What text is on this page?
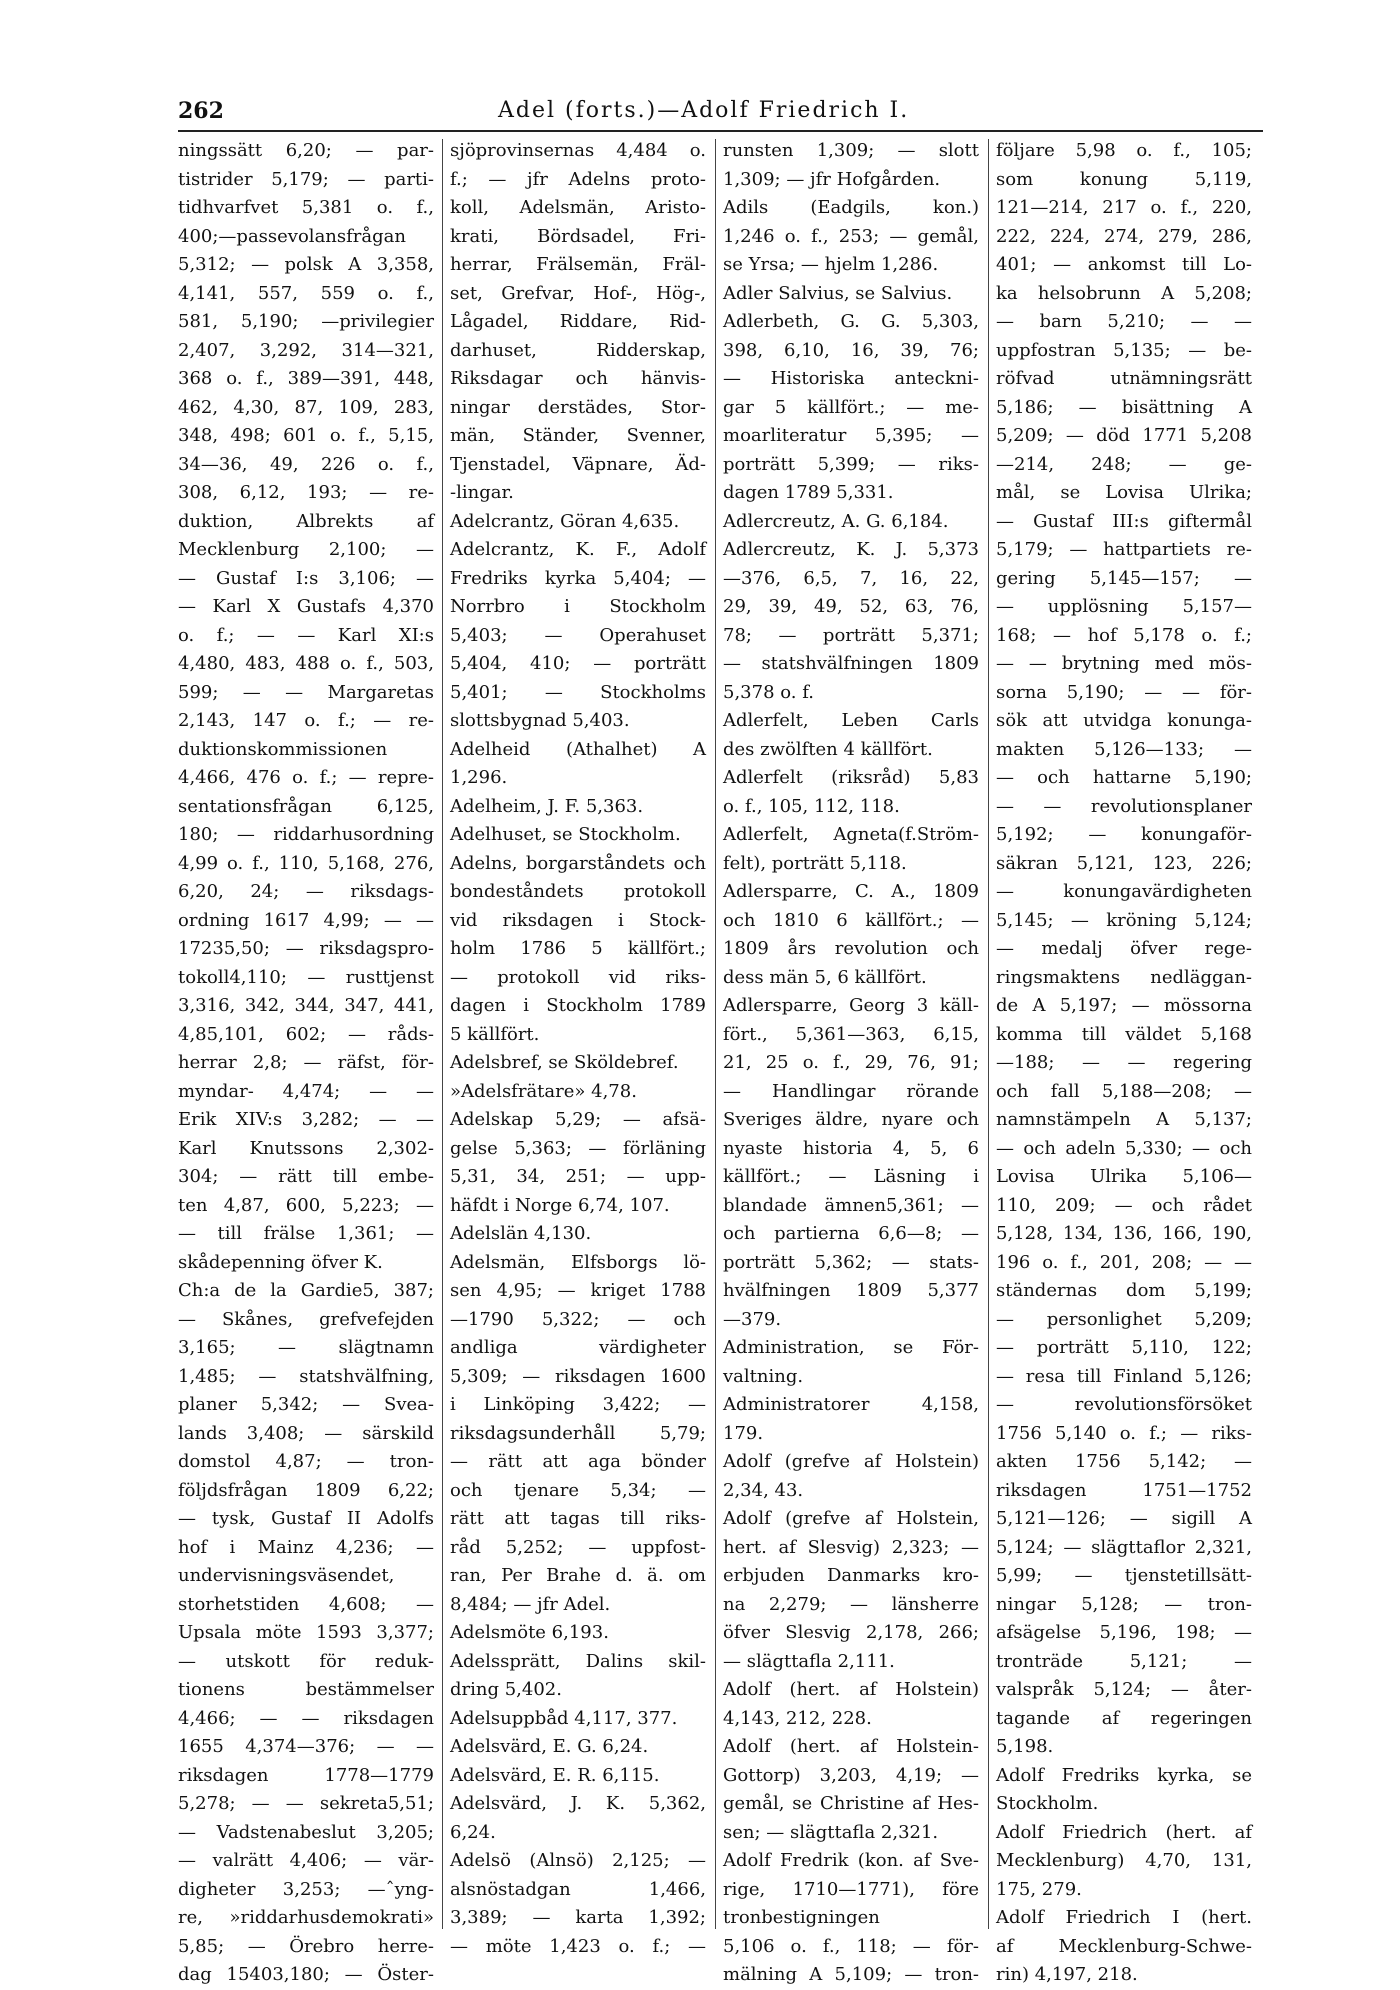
262	Adel (forts.)—Adolf Friedrich I.
ningssätt 6,20; — par-
tistrider 5,179; — parti-
tidhvarfvet 5,381 o. f.,
400;—passevolansfrågan
5,312; — polsk A 3,358,
4,141, 557, 559 o. f.,
581, 5,190; —privilegier
2,407, 3,292, 314—321,
368 o. f., 389—391, 448,
462, 4,30, 87, 109, 283,
348, 498; 601 o. f., 5,15,
34—36, 49, 226 o. f.,
308, 6,12, 193; — re-
duktion, Albrekts af
Mecklenburg 2,100; —
— Gustaf I:s 3,106; —
— Karl X Gustafs 4,370
o. f.; — — Karl XI:s
4,480, 483, 488 o. f., 503,
599; — — Margaretas
2,143, 147 o. f.; — re-
duktionskommissionen
4,466, 476 o. f.; — repre-
sentationsfrågan 6,125,
180; — riddarhusordning
4,99 o. f., 110, 5,168, 276,
6,20, 24; — riksdags-
ordning 1617 4,99; — —
17235,50; — riksdagspro-
tokoll4,110; — rusttjenst
3,316, 342, 344, 347, 441,
4,85,101, 602; — råds-
herrar 2,8; — räfst, för-
myndar- 4,474; — —
Erik XIV:s 3,282; — —
Karl Knutssons 2,302-
304; — rätt till embe-
ten 4,87, 600, 5,223; —
— till frälse 1,361; —
skådepenning öfver K.
Ch:a de la Gardie5, 387;
— Skånes, grefvefejden
3,165; — slägtnamn
1,485; — statshvälfning,
planer 5,342; — Svea-
lands 3,408; — särskild
domstol 4,87; — tron-
följdsfrågan 1809 6,22;
— tysk, Gustaf II Adolfs
hof i Mainz 4,236; —
undervisningsväsendet,
storhetstiden 4,608; —
Upsala möte 1593 3,377;
— utskott för reduk-
tionens bestämmelser
4,466; — — riksdagen
1655 4,374—376; — —
riksdagen 1778—1779
5,278; — — sekreta5,51;
— Vadstenabeslut 3,205;
— valrätt 4,406; — vär-
digheter 3,253; —ˆyng-
re, »riddarhusdemokrati»
5,85; — Örebro herre-
dag 15403,180; — Öster-
sjöprovinsernas 4,484 o.
f.; — jfr Adelns proto-
koll, Adelsmän, Aristo-
krati, Bördsadel, Fri-
herrar, Frälsemän, Fräl-
set, Grefvar, Hof-, Hög-,
Lågadel, Riddare, Rid-
darhuset, Ridderskap,
Riksdagar och hänvis-
ningar derstädes, Stor-
män, Ständer, Svenner,
Tjenstadel, Väpnare, Äd-
-lingar.
Adelcrantz, Göran 4,635.
Adelcrantz, K. F., Adolf
Fredriks kyrka 5,404; —
Norrbro i Stockholm
5,403; — Operahuset
5,404, 410; — porträtt
5,401; — Stockholms
slottsbygnad 5,403.
Adelheid (Athalhet) A
1,296.
Adelheim, J. F. 5,363.
Adelhuset, se Stockholm.
Adelns, borgarståndets och
bondeståndets protokoll
vid riksdagen i Stock-
holm 1786 5 källfört.;
— protokoll vid riks-
dagen i Stockholm 1789
5 källfört.
Adelsbref, se Sköldebref.
»Adelsfrätare» 4,78.
Adelskap 5,29; — afsä-
gelse 5,363; — förläning
5,31, 34, 251; — upp-
häfdt i Norge 6,74, 107.
Adelslän 4,130.
Adelsmän, Elfsborgs lö-
sen 4,95; — kriget 1788
—1790 5,322; — och
andliga värdigheter
5,309; — riksdagen 1600
i Linköping 3,422; —
riksdagsunderhåll 5,79;
— rätt att aga bönder
och tjenare 5,34; —
rätt att tagas till riks-
råd 5,252; — uppfost-
ran, Per Brahe d. ä. om
8,484; — jfr Adel.
Adelsmöte 6,193.
Adelssprätt, Dalins skil-
dring 5,402.
Adelsuppbåd 4,117, 377.
Adelsvärd, E. G. 6,24.
Adelsvärd, E. R. 6,115.
Adelsvärd, J. K. 5,362,
6,24.
Adelsö (Alnsö) 2,125; —
alsnöstadgan 1,466,
3,389; — karta 1,392;
— möte 1,423 o. f.; —
runsten 1,309; — slott
1,309; — jfr Hofgården.
Adils (Eadgils, kon.)
1,246 o. f., 253; — gemål,
se Yrsa; — hjelm 1,286.
Adler Salvius, se Salvius.
Adlerbeth, G. G. 5,303,
398, 6,10, 16, 39, 76;
— Historiska anteckni-
gar 5 källfört.; — me-
moarliteratur 5,395; —
porträtt 5,399; — riks-
dagen 1789 5,331.
Adlercreutz, A. G. 6,184.
Adlercreutz, K. J. 5,373
—376, 6,5, 7, 16, 22,
29, 39, 49, 52, 63, 76,
78; — porträtt 5,371;
— statshvälfningen 1809
5,378 o. f.
Adlerfelt, Leben Carls
des zwölften 4 källfört.
Adlerfelt (riksråd) 5,83
o. f., 105, 112, 118.
Adlerfelt, Agneta(f.Ström-
felt), porträtt 5,118.
Adlersparre, C. A., 1809
och 1810 6 källfört.; —
1809 års revolution och
dess män 5, 6 källfört.
Adlersparre, Georg 3 käll-
fört., 5,361—363, 6,15,
21, 25 o. f., 29, 76, 91;
— Handlingar rörande
Sveriges äldre, nyare och
nyaste historia 4, 5, 6
källfört.; — Läsning i
blandade ämnen5,361; —
och partierna 6,6—8; —
porträtt 5,362; — stats-
hvälfningen 1809 5,377
—379.
Administration, se För-
valtning.
Administratorer 4,158,
179.
Adolf (grefve af Holstein)
2,34, 43.
Adolf (grefve af Holstein,
hert. af Slesvig) 2,323; —
erbjuden Danmarks kro-
na 2,279; — länsherre
öfver Slesvig 2,178, 266;
— slägttafla 2,111.
Adolf (hert. af Holstein)
4,143, 212, 228.
Adolf (hert. af Holstein-
Gottorp) 3,203, 4,19; —
gemål, se Christine af Hes-
sen; — slägttafla 2,321.
Adolf Fredrik (kon. af Sve-
rige, 1710—1771), före
tronbestigningen
5,106 o. f., 118; — för-
mälning A 5,109; — tron-
följare 5,98 o. f., 105;
som konung 5,119,
121—214, 217 o. f., 220,
222, 224, 274, 279, 286,
401; — ankomst till Lo-
ka helsobrunn A 5,208;
— barn 5,210; — —
uppfostran 5,135; — be-
röfvad utnämningsrätt
5,186; — bisättning A
5,209; — död 1771 5,208
—214, 248; — ge-
mål, se Lovisa Ulrika;
— Gustaf III:s giftermål
5,179; — hattpartiets re-
gering 5,145—157; —
— upplösning 5,157—
168; — hof 5,178 o. f.;
— — brytning med mös-
sorna 5,190; — — för-
sök att utvidga konunga-
makten 5,126—133; —
— och hattarne 5,190;
— — revolutionsplaner
5,192; — konungaför-
säkran 5,121, 123, 226;
— konungavärdigheten
5,145; — kröning 5,124;
— medalj öfver rege-
ringsmaktens nedläggan-
de A 5,197; — mössorna
komma till väldet 5,168
—188; — — regering
och fall 5,188—208; —
namnstämpeln A 5,137;
— och adeln 5,330; — och
Lovisa Ulrika 5,106—
110, 209; — och rådet
5,128, 134, 136, 166, 190,
196 o. f., 201, 208; — —
ständernas dom 5,199;
— personlighet 5,209;
— porträtt 5,110, 122;
— resa till Finland 5,126;
— revolutionsförsöket
1756 5,140 o. f.; — riks-
akten 1756 5,142; —
riksdagen 1751—1752
5,121—126; — sigill A
5,124; — slägttaflor 2,321,
5,99; — tjenstetillsätt-
ningar 5,128; — tron-
afsägelse 5,196, 198; —
tronträde 5,121; —
valspråk 5,124; — åter-
tagande af regeringen
5,198.
Adolf Fredriks kyrka, se
Stockholm.
Adolf Friedrich (hert. af
Mecklenburg) 4,70, 131,
175, 279.
Adolf Friedrich I (hert.
af Mecklenburg-Schwe-
rin) 4,197, 218.
